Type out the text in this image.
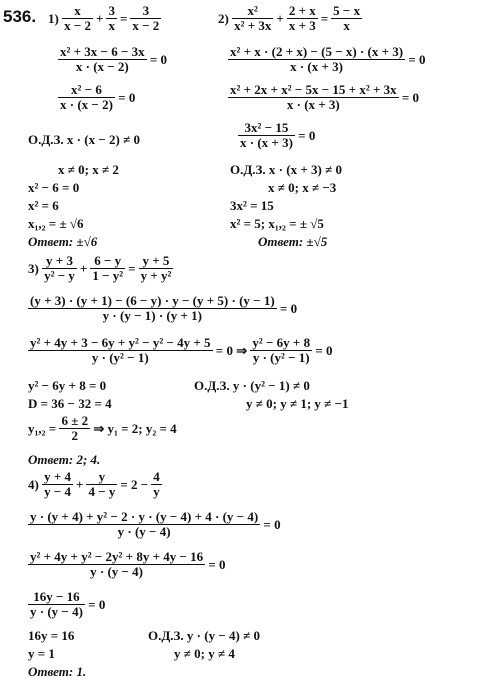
536. $1) \frac{x}{x - 2} + \frac{3}{x} = \frac{3}{x - 2}$
$\frac{\text{x² + 3x − 6 − 3x}}{x \cdot (x - 2)} = 0$
$\frac{\text{x² − 6}}{x \cdot (x - 2)} = 0$
О.Д.З. x · (x − 2) ≠ 0
x ≠ 0; x ≠ 2
x² − 6 = 0
x² = 6
x₁,₂ = ± √6
Ответ: ±√6
$2) \frac{\text{x²}}{\text{x² + 3x}} + \frac{2 + x}{x + 3} = \frac{5 - x}{x}$
$\frac{\text{x² + x · (2 + x) − (5 − x) · (x + 3)}}{x \cdot (x + 3)} = 0$
$\frac{\text{x² + 2x + x² − 5x − 15 + x² + 3x}}{x \cdot (x + 3)} = 0$
$\frac{\text{3x² − 15}}{x \cdot (x + 3)} = 0$
О.Д.З. x · (x + 3) ≠ 0
x ≠ 0; x ≠ −3
3x² = 15
x² = 5; x₁,₂ = ± √5
Ответ: ±√5
$3) \frac{y + 3}{\text{y² − y}} + \frac{6 - y}{\text{1 − y²}} = \frac{y + 5}{\text{y + y²}}$
$\frac{(y + 3) \cdot (y + 1) - (6 - y) \cdot y - (y + 5) \cdot (y - 1)}{y \cdot (y - 1) \cdot (y + 1)} = 0$
$\frac{\text{y² + 4y + 3 − 6y + y² − y² − 4y + 5}}{\text{y · (y² − 1)}} = 0$ ⇒ $\frac{\text{y² − 6y + 8}}{\text{y · (y² − 1)}} = 0$
y² − 6y + 8 = 0	О.Д.З. y · (y² − 1) ≠ 0
D = 36 − 32 = 4	y ≠ 0; y ≠ 1; y ≠ −1
$y_1,_2 = \frac{6 \pm 2}{2}$ ⇒ y₁ = 2; y₂ = 4
Ответ: 2; 4.
$4) \frac{y + 4}{y - 4} + \frac{y}{4 - y} = 2 - \frac{4}{y}$
$\frac{\text{y · (y + 4) + y² − 2 · y · (y − 4) + 4 · (y − 4)}}{y \cdot (y - 4)} = 0$
$\frac{\text{y² + 4y + y² − 2y² + 8y + 4y − 16}}{y \cdot (y - 4)} = 0$
$\frac{16y - 16}{y \cdot (y - 4)} = 0$
16y = 16	О.Д.З. y · (y − 4) ≠ 0
y = 1	y ≠ 0; y ≠ 4
Ответ: 1.
